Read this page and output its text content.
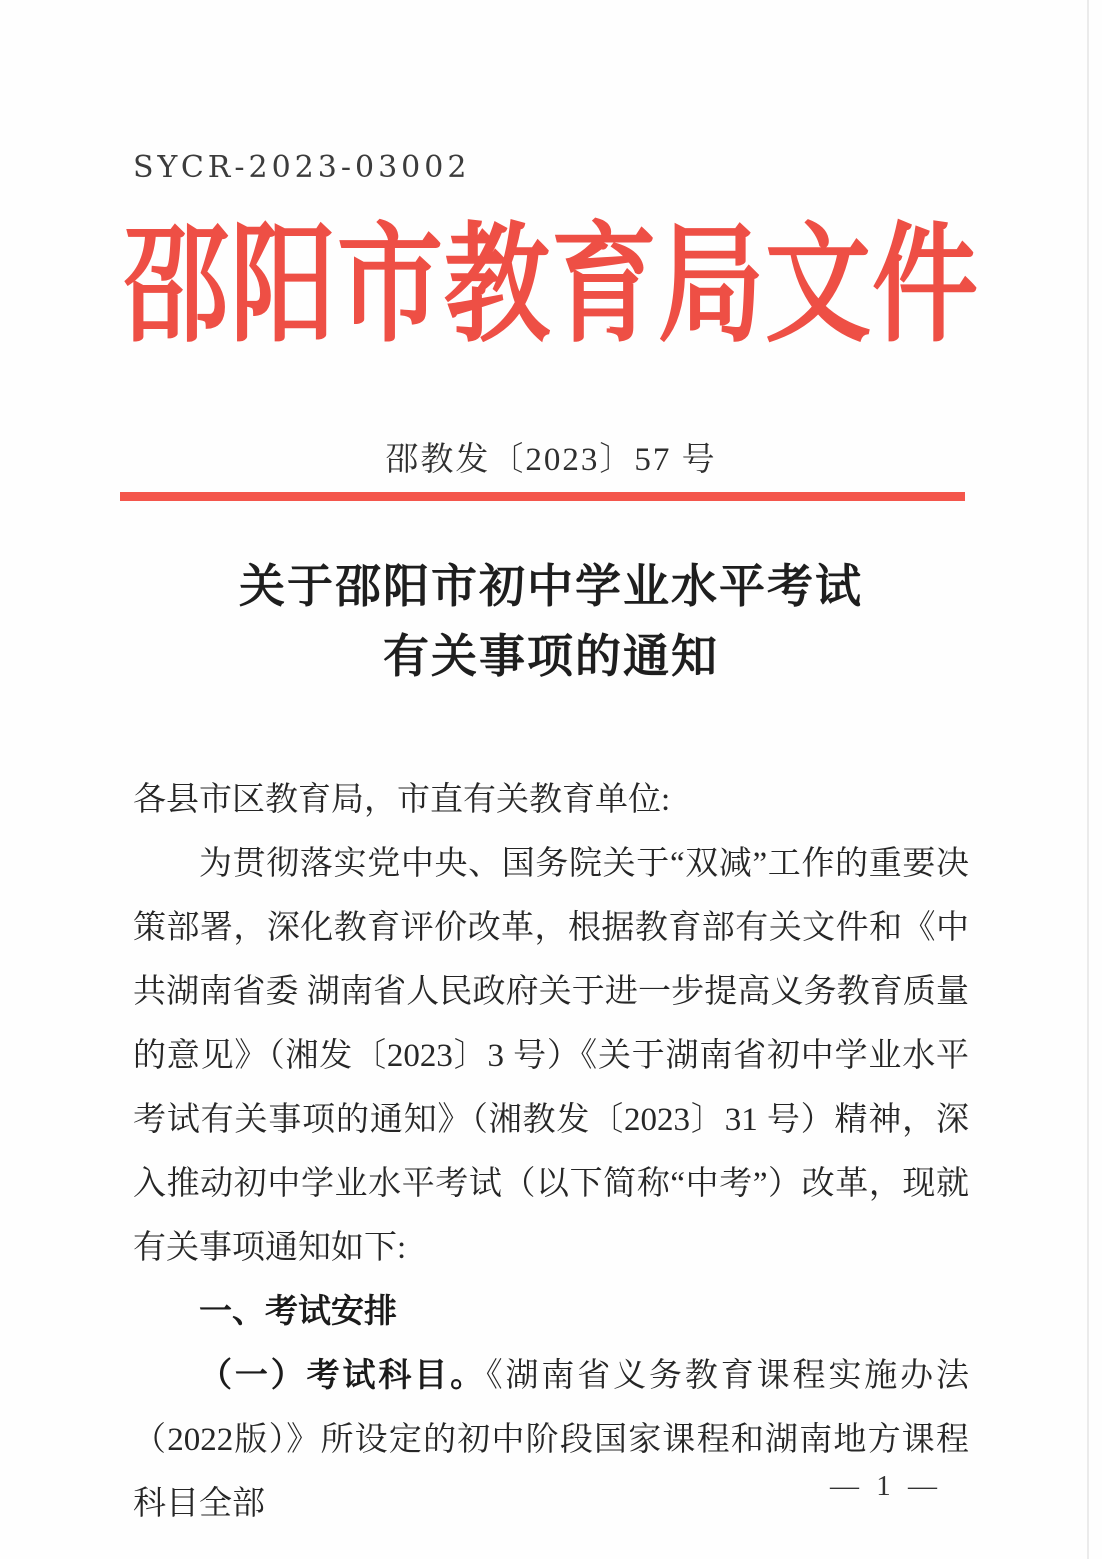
SYCR-2023-03002
邵阳市教育局文件
邵教发〔2023〕57 号
关于邵阳市初中学业水平考试
有关事项的通知

各县市区教育局，市直有关教育单位:

为贯彻落实党中央、国务院关于“双减”工作的重要决策部署，深化教育评价改革，根据教育部有关文件和《中共湖南省委 湖南省人民政府关于进一步提高义务教育质量的意见》（湘发〔2023〕3 号）《关于湖南省初中学业水平考试有关事项的通知》（湘教发〔2023〕31 号）精神，深入推动初中学业水平考试（以下简称“中考”）改革，现就有关事项通知如下:

一、考试安排

（一）考试科目。《湖南省义务教育课程实施办法（2022版）》所设定的初中阶段国家课程和湖南地方课程科目全部	— 1 —
